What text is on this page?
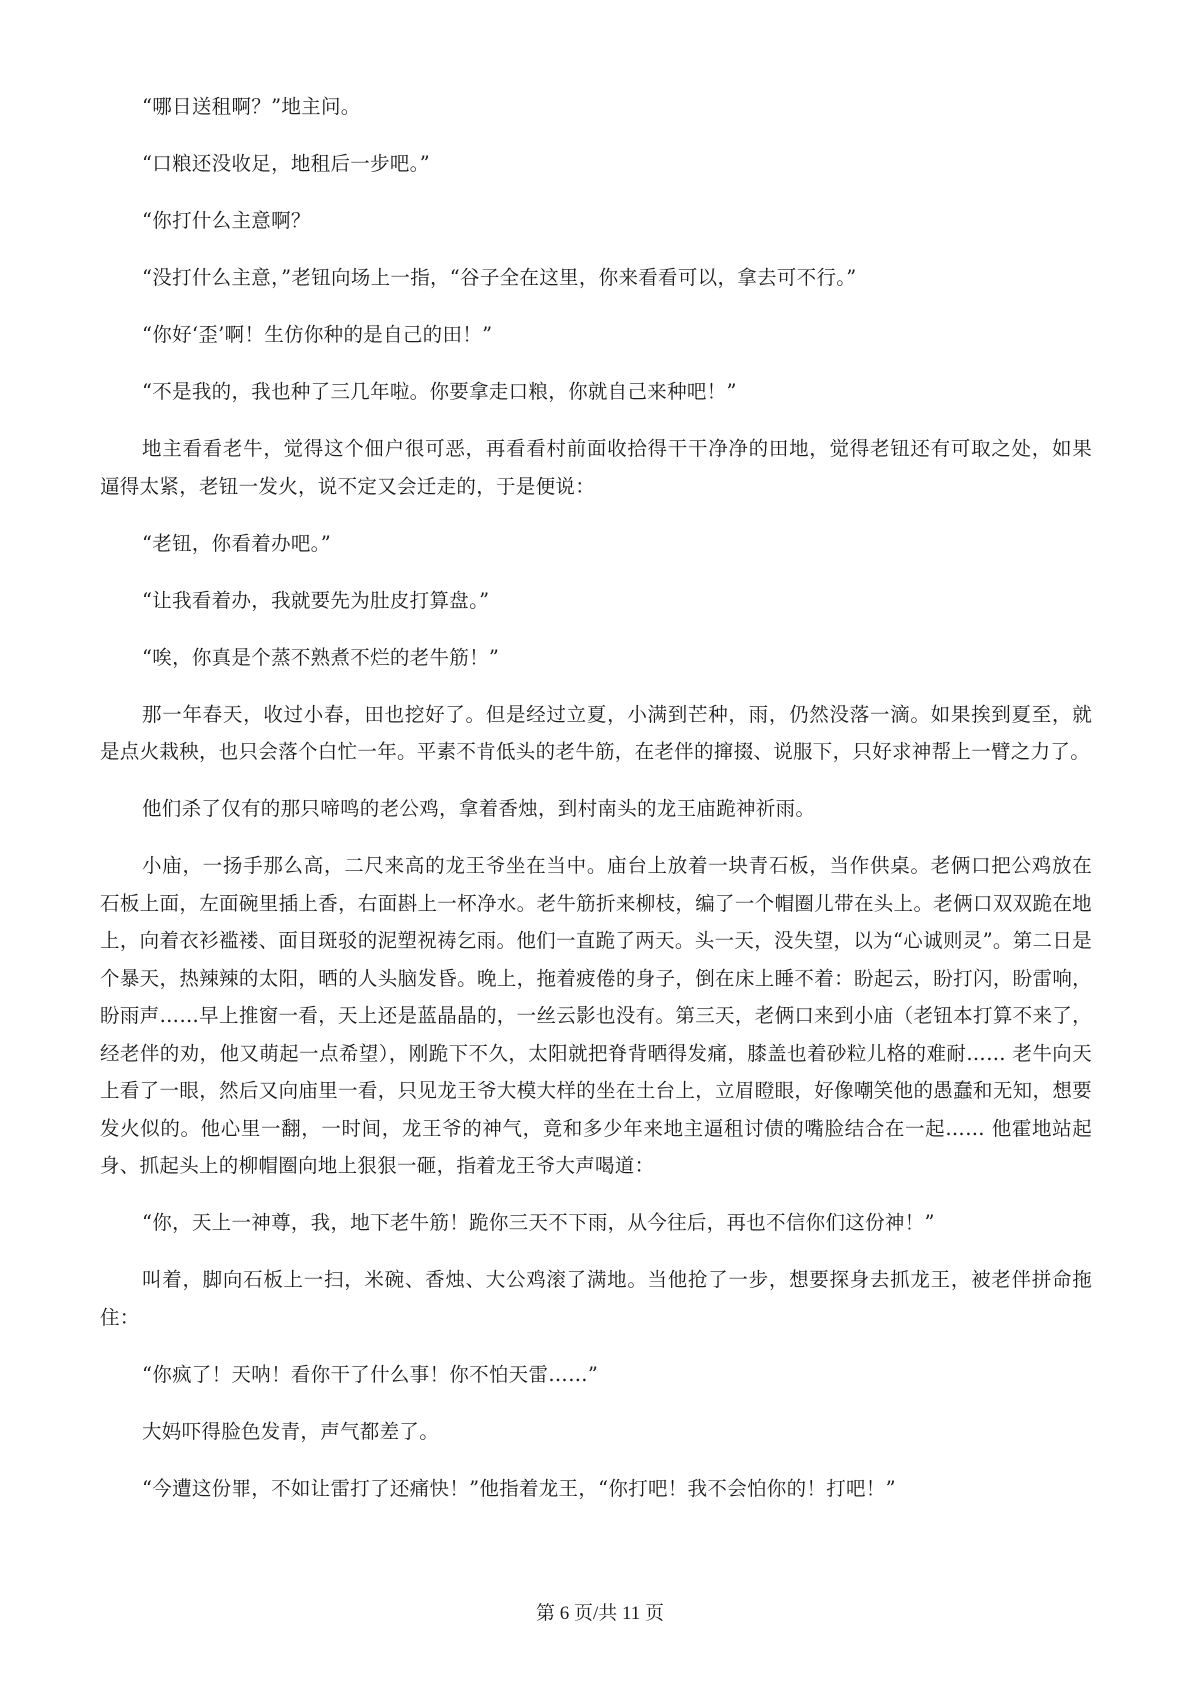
“哪日送租啊？”地主问。

“口粮还没收足，地租后一步吧。”

“你打什么主意啊？

“没打什么主意，”老钮向场上一指，“谷子全在这里，你来看看可以，拿去可不行。”

“你好‘歪’啊！生仿你种的是自己的田！”

“不是我的，我也种了三几年啦。你要拿走口粮，你就自己来种吧！”

地主看看老牛，觉得这个佃户很可恶，再看看村前面收拾得干干净净的田地，觉得老钮还有可取之处，如果逼得太紧，老钮一发火，说不定又会迁走的，于是便说：

“老钮，你看着办吧。”

“让我看着办，我就要先为肚皮打算盘。”

“唉，你真是个蒸不熟煮不烂的老牛筋！”

那一年春天，收过小春，田也挖好了。但是经过立夏，小满到芒种，雨，仍然没落一滴。如果挨到夏至，就是点火栽秧，也只会落个白忙一年。平素不肯低头的老牛筋，在老伴的撺掇、说服下，只好求神帮上一臂之力了。

他们杀了仅有的那只啼鸣的老公鸡，拿着香烛，到村南头的龙王庙跪神祈雨。

小庙，一扬手那么高，二尺来高的龙王爷坐在当中。庙台上放着一块青石板，当作供桌。老俩口把公鸡放在石板上面，左面碗里插上香，右面斟上一杯净水。老牛筋折来柳枝，编了一个帽圈儿带在头上。老俩口双双跪在地上，向着衣衫褴褛、面目斑驳的泥塑祝祷乞雨。他们一直跪了两天。头一天，没失望，以为“心诚则灵”。第二日是个暴天，热辣辣的太阳，晒的人头脑发昏。晚上，拖着疲倦的身子，倒在床上睡不着：盼起云，盼打闪，盼雷响，盼雨声……早上推窗一看，天上还是蓝晶晶的，一丝云影也没有。第三天，老俩口来到小庙（老钮本打算不来了，经老伴的劝，他又萌起一点希望），刚跪下不久，太阳就把脊背晒得发痛，膝盖也着砂粒儿格的难耐…… 老牛向天上看了一眼，然后又向庙里一看，只见龙王爷大模大样的坐在土台上，立眉瞪眼，好像嘲笑他的愚蠢和无知，想要发火似的。他心里一翻，一时间，龙王爷的神气，竟和多少年来地主逼租讨债的嘴脸结合在一起…… 他霍地站起身、抓起头上的柳帽圈向地上狠狠一砸，指着龙王爷大声喝道：

“你，天上一神尊，我，地下老牛筋！跪你三天不下雨，从今往后，再也不信你们这份神！”

叫着，脚向石板上一扫，米碗、香烛、大公鸡滚了满地。当他抢了一步，想要探身去抓龙王，被老伴拼命拖住：

“你疯了！天呐！看你干了什么事！你不怕天雷……”

大妈吓得脸色发青，声气都差了。

“今遭这份罪，不如让雷打了还痛快！”他指着龙王，“你打吧！我不会怕你的！打吧！”

第 6 页/共 11 页
